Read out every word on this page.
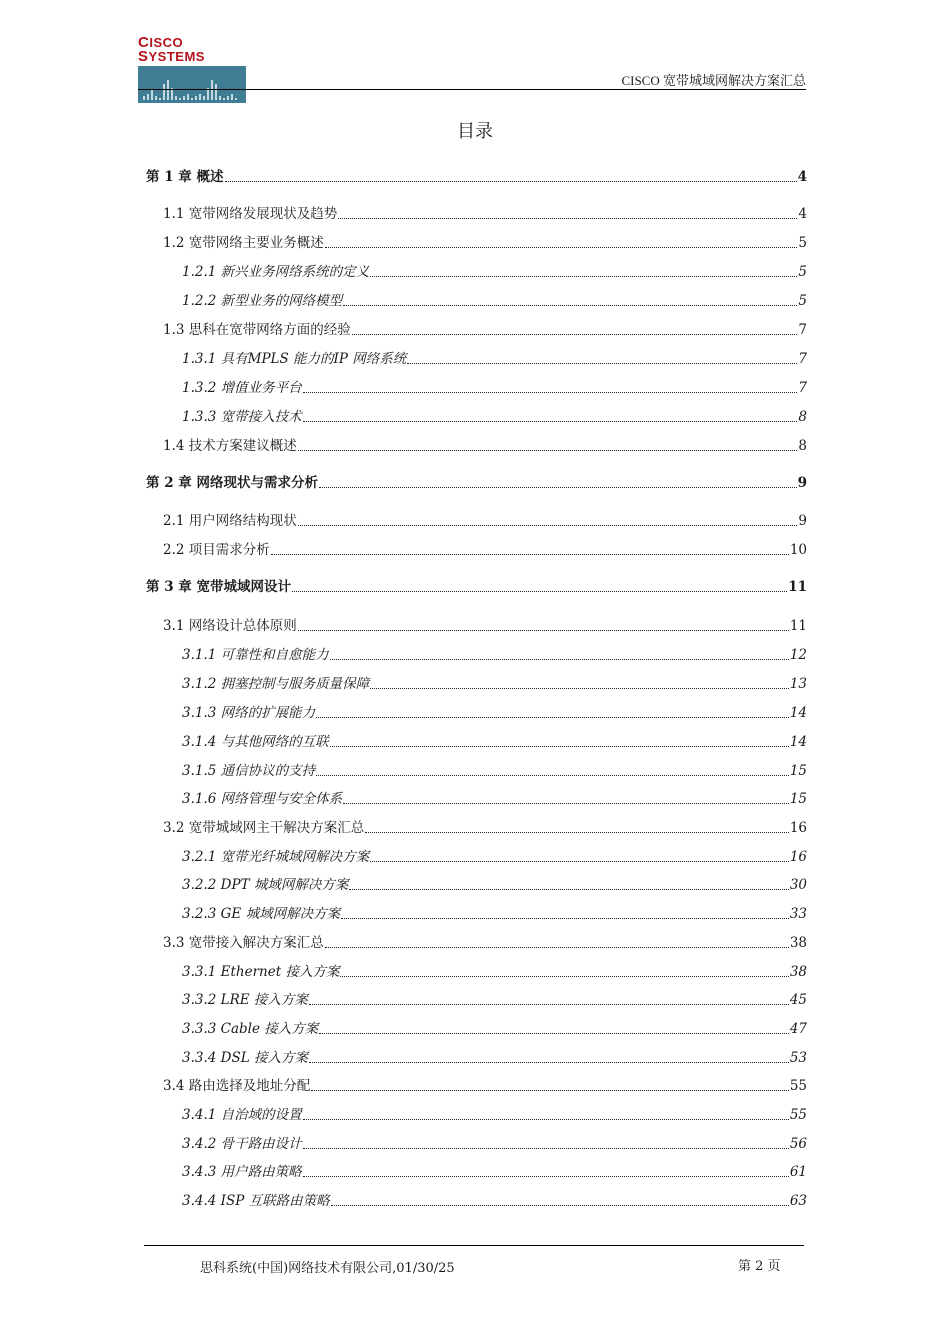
CISCO SYSTEMS
CISCO 宽带城域网解决方案汇总
目录
第 1 章 概述	4
1.1 宽带网络发展现状及趋势	4
1.2 宽带网络主要业务概述	5
1.2.1 新兴业务网络系统的定义	5
1.2.2 新型业务的网络模型	5
1.3 思科在宽带网络方面的经验	7
1.3.1 具有MPLS 能力的IP 网络系统	7
1.3.2 增值业务平台	7
1.3.3 宽带接入技术	8
1.4 技术方案建议概述	8
第 2 章 网络现状与需求分析	9
2.1 用户网络结构现状	9
2.2 项目需求分析	10
第 3 章 宽带城域网设计	11
3.1 网络设计总体原则	11
3.1.1 可靠性和自愈能力	12
3.1.2 拥塞控制与服务质量保障	13
3.1.3 网络的扩展能力	14
3.1.4 与其他网络的互联	14
3.1.5 通信协议的支持	15
3.1.6 网络管理与安全体系	15
3.2 宽带城域网主干解决方案汇总	16
3.2.1 宽带光纤城域网解决方案	16
3.2.2 DPT 城域网解决方案	30
3.2.3 GE 城域网解决方案	33
3.3 宽带接入解决方案汇总	38
3.3.1 Ethernet 接入方案	38
3.3.2 LRE 接入方案	45
3.3.3 Cable 接入方案	47
3.3.4 DSL 接入方案	53
3.4 路由选择及地址分配	55
3.4.1 自治域的设置	55
3.4.2 骨干路由设计	56
3.4.3 用户路由策略	61
3.4.4 ISP 互联路由策略	63
思科系统(中国)网络技术有限公司,01/30/25	第 2 页
